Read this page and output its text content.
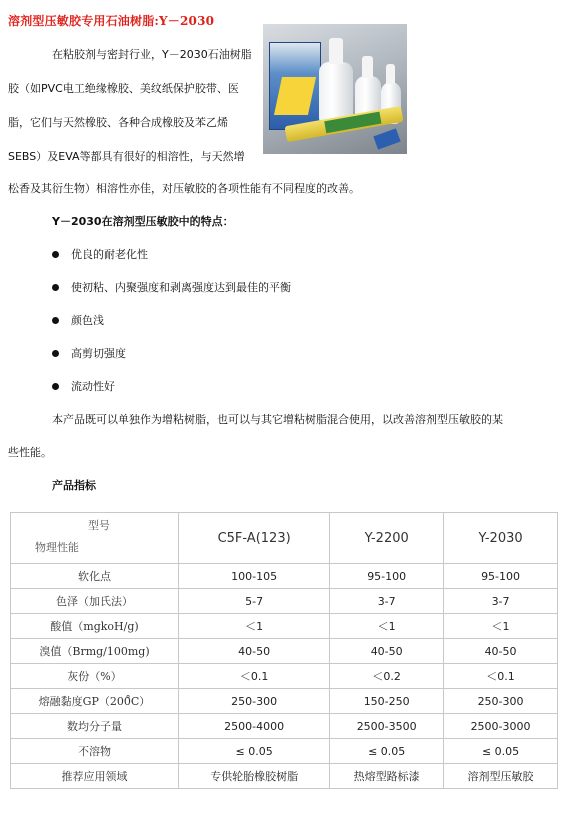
溶剂型压敏胶专用石油树脂:Y－2030
在粘胶剂与密封行业，Y－2030石油树脂
胶（如PVC电工绝缘橡胶、美纹纸保护胶带、医
脂，它们与天然橡胶、各种合成橡胶及苯乙烯
SEBS）及EVA等都具有很好的相溶性，与天然增
松香及其衍生物）相溶性亦佳，对压敏胶的各项性能有不同程度的改善。
Y－2030在溶剂型压敏胶中的特点：
优良的耐老化性
使初粘、内聚强度和剥离强度达到最佳的平衡
颜色浅
高剪切强度
流动性好
本产品既可以单独作为增粘树脂，也可以与其它增粘树脂混合使用，以改善溶剂型压敏胶的某
些性能。
产品指标
型号
物理性能	C5F-A(123)	Y-2200	Y-2030
软化点	100-105	95-100	95-100
色泽（加氏法）	5-7	3-7	3-7
酸值（mgkoH/g)	＜1	＜1	＜1
溴值（Brmg/100mg)	40-50	40-50	40-50
灰份（%）	＜0.1	＜0.2	＜0.1
熔融黏度GP（200̊C）	250-300	150-250	250-300
数均分子量	2500-4000	2500-3500	2500-3000
不溶物	≤ 0.05	≤ 0.05	≤ 0.05
推荐应用领域	专供轮胎橡胶树脂	热熔型路标漆	溶剂型压敏胶
